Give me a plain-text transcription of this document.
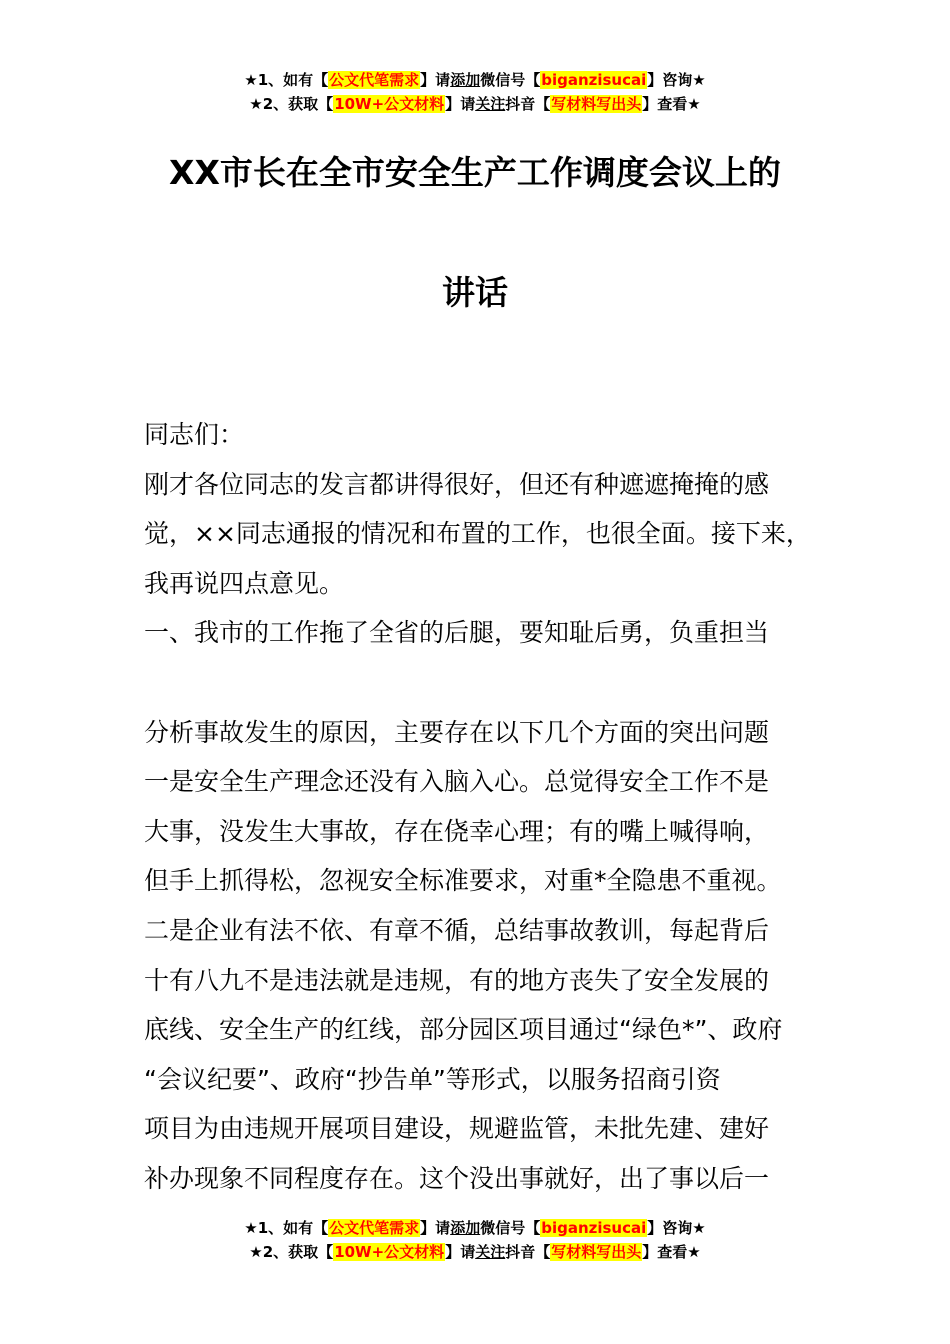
★1、如有【公文代笔需求】请添加微信号【biganzisucai】咨询★
★2、获取【10W+公文材料】请关注抖音【写材料写出头】查看★
XX市长在全市安全生产工作调度会议上的
讲话

同志们：

刚才各位同志的发言都讲得很好，但还有种遮遮掩掩的感

觉，××同志通报的情况和布置的工作，也很全面。接下来，

我再说四点意见。

一、我市的工作拖了全省的后腿，要知耻后勇，负重担当

分析事故发生的原因，主要存在以下几个方面的突出问题

一是安全生产理念还没有入脑入心。总觉得安全工作不是

大事，没发生大事故，存在侥幸心理；有的嘴上喊得响，

但手上抓得松，忽视安全标准要求，对重*全隐患不重视。

二是企业有法不依、有章不循，总结事故教训，每起背后

十有八九不是违法就是违规，有的地方丧失了安全发展的

底线、安全生产的红线，部分园区项目通过“绿色*”、政府

“会议纪要”、政府“抄告单”等形式，以服务招商引资

项目为由违规开展项目建设，规避监管，未批先建、建好

补办现象不同程度存在。这个没出事就好，出了事以后一

★1、如有【公文代笔需求】请添加微信号【biganzisucai】咨询★
★2、获取【10W+公文材料】请关注抖音【写材料写出头】查看★
